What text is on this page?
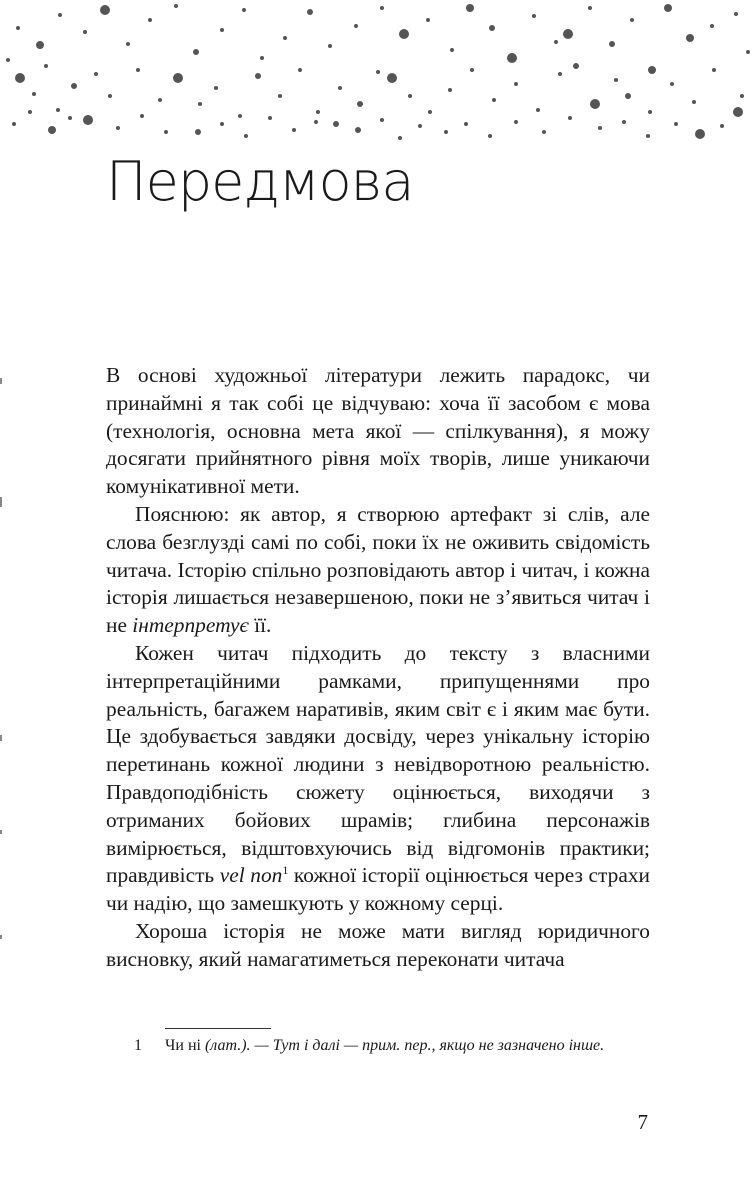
Передмова

В основі художньої літератури лежить парадокс, чи принаймні я так собі це відчуваю: хоча її засобом є мова (технологія, основна мета якої — спілкування), я можу досягати прийнятного рівня моїх творів, лише уникаючи комунікативної мети.

Пояснюю: як автор, я створюю артефакт зі слів, але слова безглузді самі по собі, поки їх не оживить свідомість читача. Історію спільно розповідають автор і читач, і кожна історія лишається незавершеною, поки не з’явиться читач і не інтерпретує її.

Кожен читач підходить до тексту з власними інтерпретаційними рамками, припущеннями про реальність, багажем наративів, яким світ є і яким має бути. Це здобувається завдяки досвіду, через унікальну історію перетинань кожної людини з невідворотною реальністю. Правдоподібність сюжету оцінюється, виходячи з отриманих бойових шрамів; глибина персонажів вимірюється, відштовхуючись від відгомонів практики; правдивість vel non$^1$ кожної історії оцінюється через страхи чи надію, що замешкують у кожному серці.

Хороша історія не може мати вигляд юридичного висновку, який намагатиметься переконати читача

1 Чи ні (лат.). — Тут і далі — прим. пер., якщо не зазначено інше.
7
